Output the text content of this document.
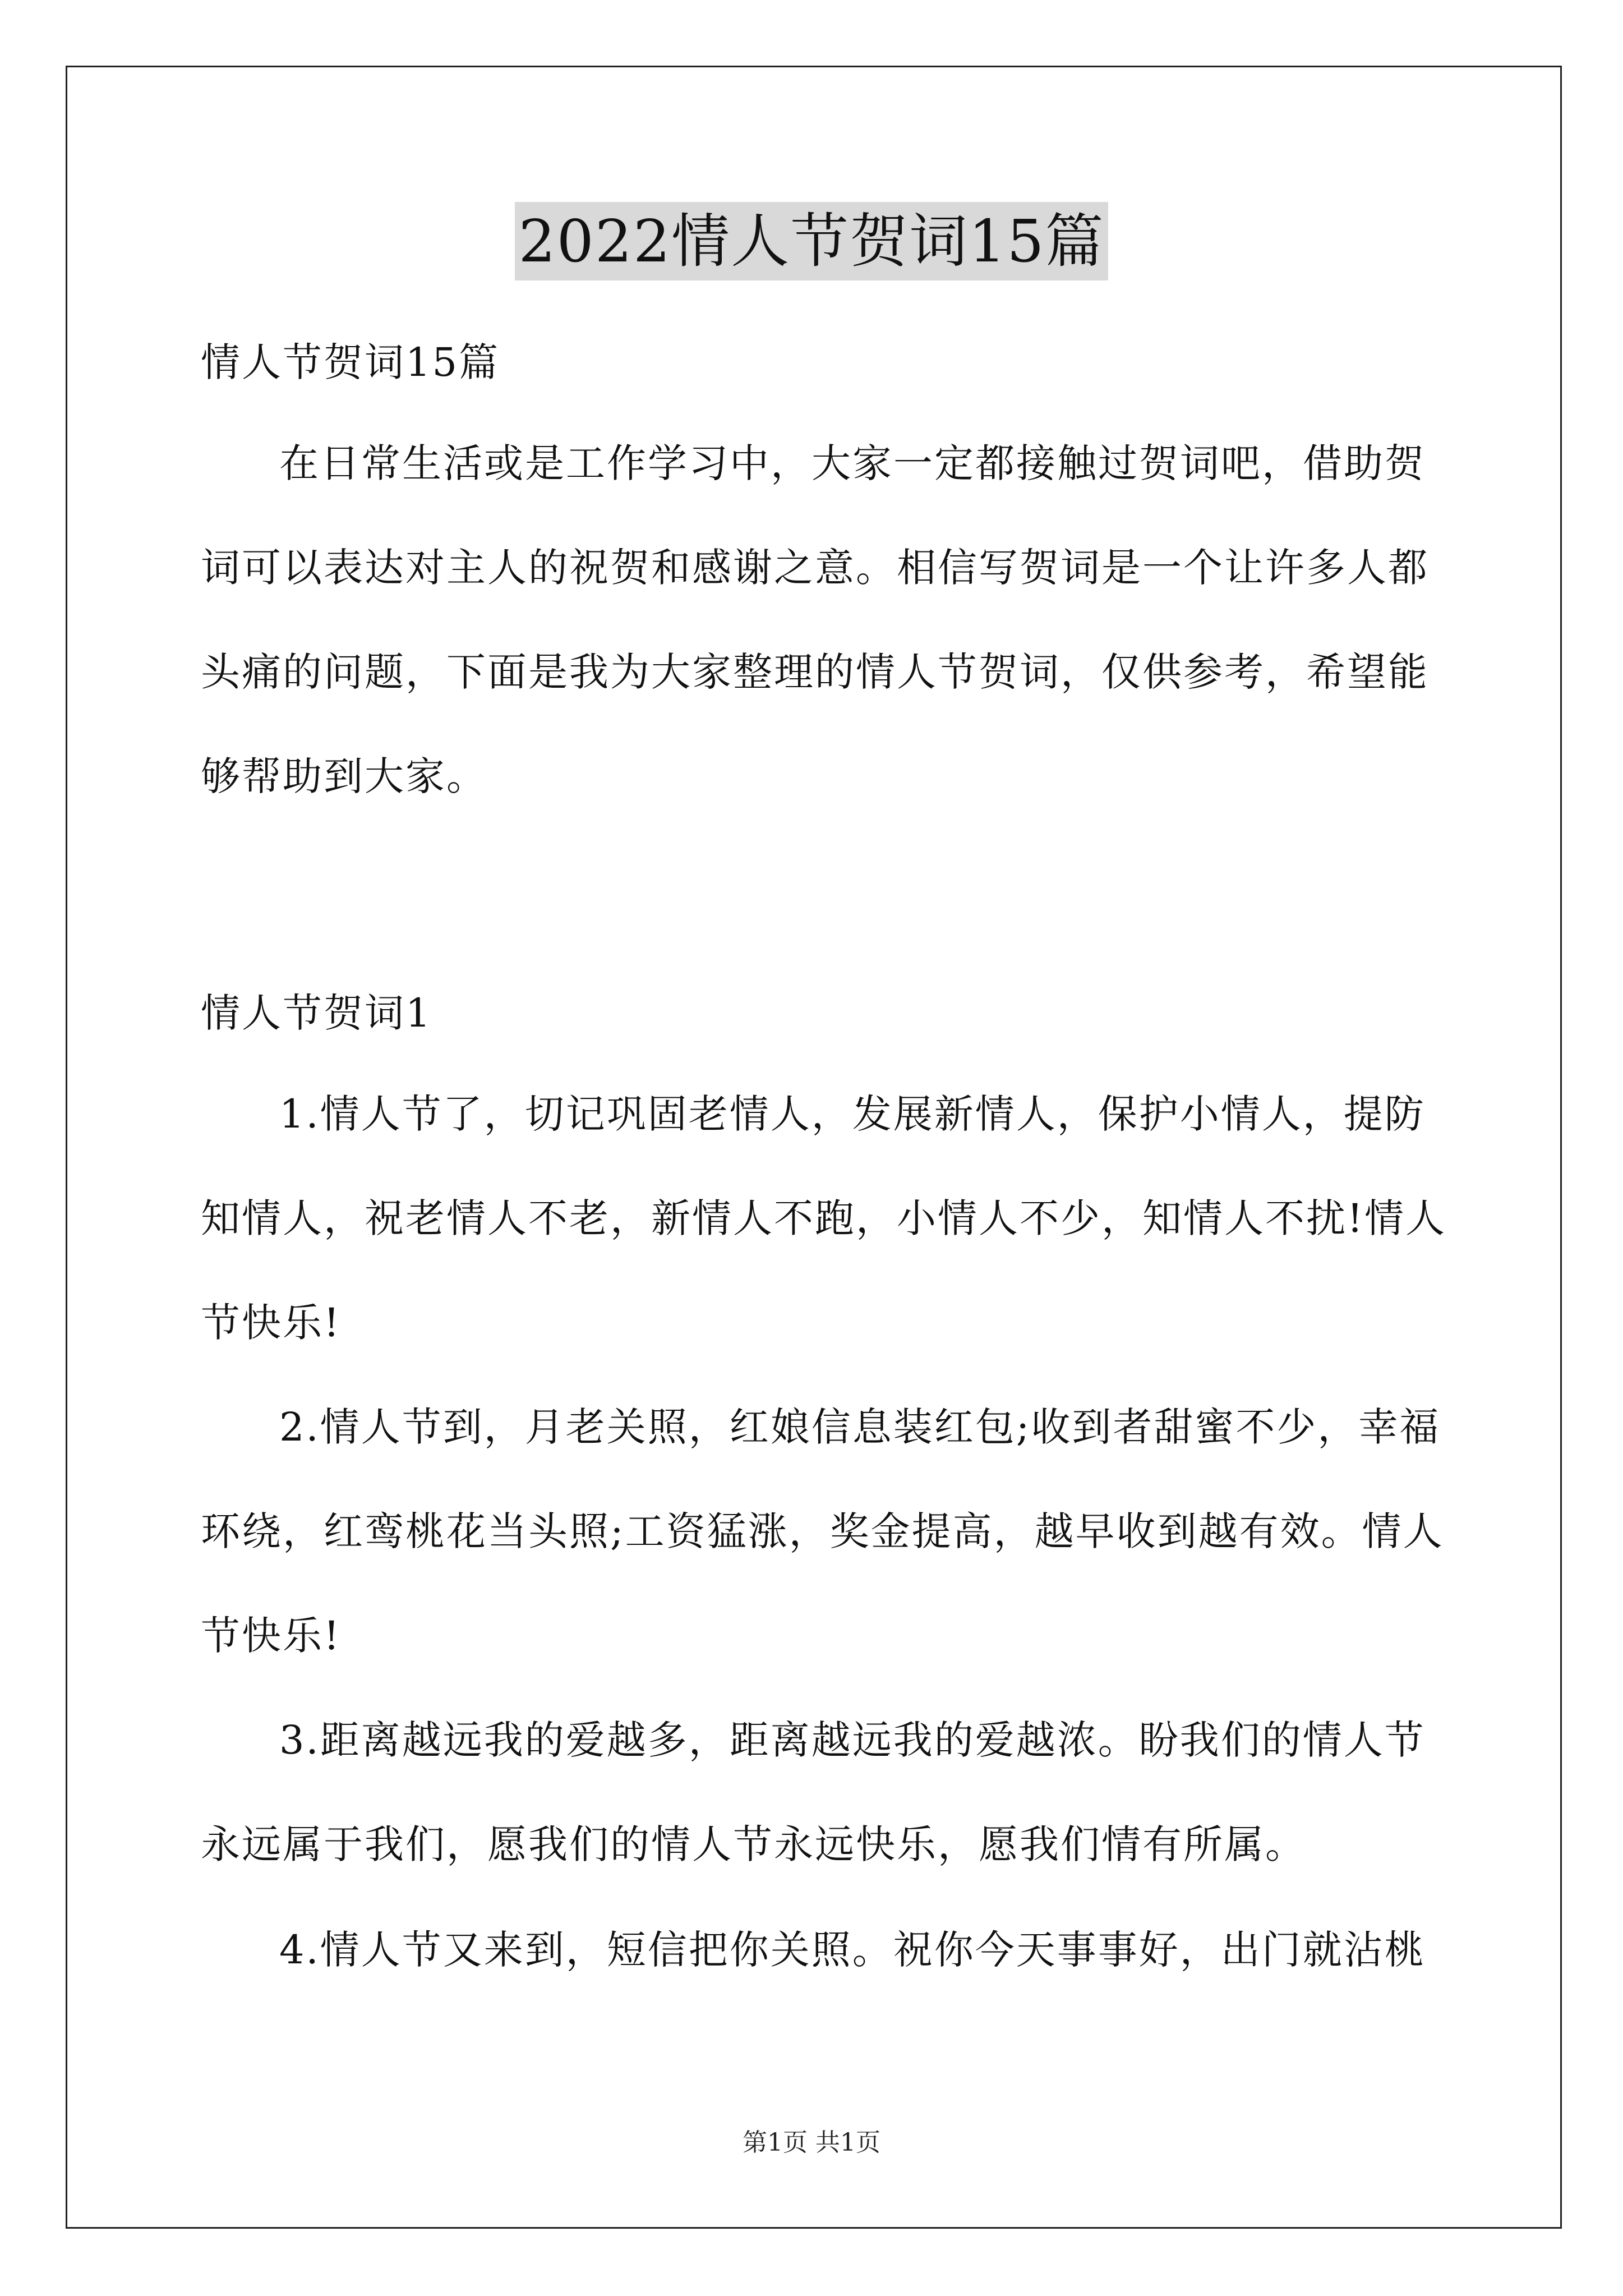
2022情人节贺词15篇
情人节贺词15篇
在日常生活或是工作学习中，大家一定都接触过贺词吧，借助贺
词可以表达对主人的祝贺和感谢之意。相信写贺词是一个让许多人都
头痛的问题，下面是我为大家整理的情人节贺词，仅供参考，希望能
够帮助到大家。
情人节贺词1
1.情人节了，切记巩固老情人，发展新情人，保护小情人，提防
知情人，祝老情人不老，新情人不跑，小情人不少，知情人不扰!情人
节快乐!
2.情人节到，月老关照，红娘信息装红包;收到者甜蜜不少，幸福
环绕，红鸾桃花当头照;工资猛涨，奖金提高，越早收到越有效。情人
节快乐!
3.距离越远我的爱越多，距离越远我的爱越浓。盼我们的情人节
永远属于我们，愿我们的情人节永远快乐，愿我们情有所属。
4.情人节又来到，短信把你关照。祝你今天事事好，出门就沾桃
第1页 共1页
